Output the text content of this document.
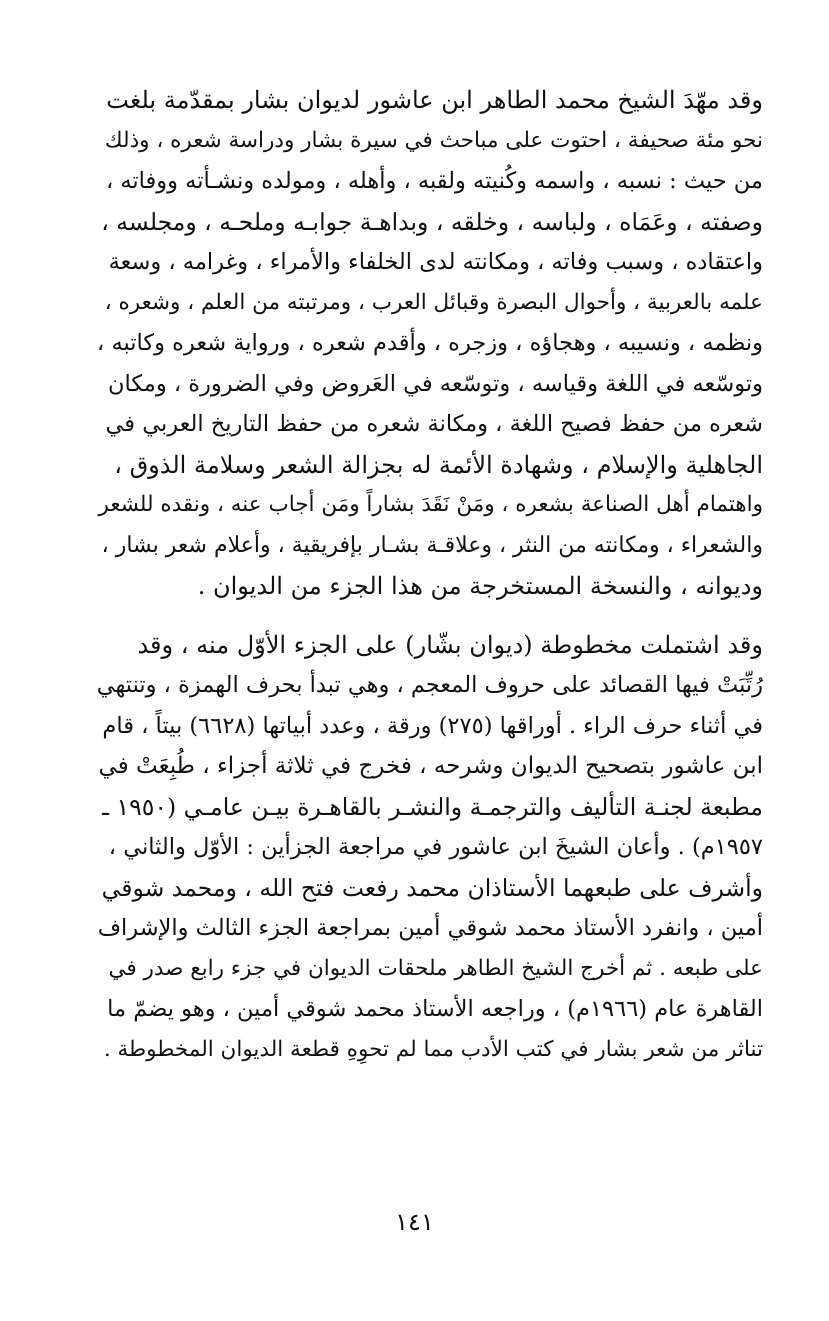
وقد مهّدَ الشيخ محمد الطاهر ابن عاشور لديوان بشار بمقدّمة بلغت
نحو مئة صحيفة ، احتوت على مباحث في سيرة بشار ودراسة شعره ، وذلك
من حيث : نسبه ، واسمه وكُنيته ولقبه ، وأهله ، ومولده ونشـأته ووفاته ،
وصفته ، وعَمَاه ، ولباسه ، وخلقه ، وبداهـة جوابـه وملحـه ، ومجلسه ،
واعتقاده ، وسبب وفاته ، ومكانته لدى الخلفاء والأمراء ، وغرامه ، وسعة
علمه بالعربية ، وأحوال البصرة وقبائل العرب ، ومرتبته من العلم ، وشعره ،
ونظمه ، ونسيبه ، وهجاؤه ، وزجره ، وأقدم شعره ، ورواية شعره وكاتبه ،
وتوسّعه في اللغة وقياسه ، وتوسّعه في العَروض وفي الضرورة ، ومكان
شعره من حفظ فصيح اللغة ، ومكانة شعره من حفظ التاريخ العربي في
الجاهلية والإسلام ، وشهادة الأئمة له بجزالة الشعر وسلامة الذوق ،
واهتمام أهل الصناعة بشعره ، ومَنْ نَقَدَ بشاراً ومَن أجاب عنه ، ونقده للشعر
والشعراء ، ومكانته من النثر ، وعلاقـة بشـار بإفريقية ، وأعلام شعر بشار ،
وديوانه ، والنسخة المستخرجة من هذا الجزء من الديوان .
وقد اشتملت مخطوطة (ديوان بشّار) على الجزء الأوّل منه ، وقد
رُتِّبَتْ فيها القصائد على حروف المعجم ، وهي تبدأ بحرف الهمزة ، وتنتهي
في أثناء حرف الراء . أوراقها (٢٧٥) ورقة ، وعدد أبياتها (٦٦٢٨) بيتاً ، قام
ابن عاشور بتصحيح الديوان وشرحه ، فخرج في ثلاثة أجزاء ، طُبِعَتْ في
مطبعة لجنـة التأليف والترجمـة والنشـر بالقاهـرة بيـن عامـي (١٩٥٠ ـ
١٩٥٧م) . وأعان الشيخَ ابن عاشور في مراجعة الجزأين : الأوّل والثاني ،
وأشرف على طبعهما الأستاذان محمد رفعت فتح الله ، ومحمد شوقي
أمين ، وانفرد الأستاذ محمد شوقي أمين بمراجعة الجزء الثالث والإشراف
على طبعه . ثم أخرج الشيخ الطاهر ملحقات الديوان في جزء رابع صدر في
القاهرة عام (١٩٦٦م) ، وراجعه الأستاذ محمد شوقي أمين ، وهو يضمّ ما
تناثر من شعر بشار في كتب الأدب مما لم تحوِهِ قطعة الديوان المخطوطة .
١٤١
